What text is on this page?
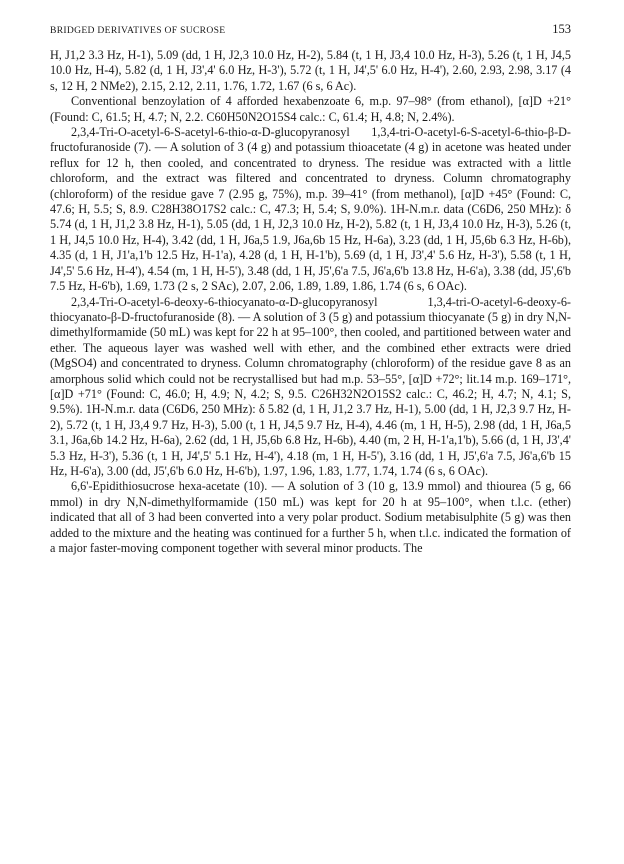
BRIDGED DERIVATIVES OF SUCROSE	153

H, J1,2 3.3 Hz, H-1), 5.09 (dd, 1 H, J2,3 10.0 Hz, H-2), 5.84 (t, 1 H, J3,4 10.0 Hz, H-3), 5.26 (t, 1 H, J4,5 10.0 Hz, H-4), 5.82 (d, 1 H, J3',4' 6.0 Hz, H-3'), 5.72 (t, 1 H, J4',5' 6.0 Hz, H-4'), 2.60, 2.93, 2.98, 3.17 (4 s, 12 H, 2 NMe2), 2.15, 2.12, 2.11, 1.76, 1.72, 1.67 (6 s, 6 Ac).

Conventional benzoylation of 4 afforded hexabenzoate 6, m.p. 97–98° (from ethanol), [α]D +21° (Found: C, 61.5; H, 4.7; N, 2.2. C60H50N2O15S4 calc.: C, 61.4; H, 4.8; N, 2.4%).

2,3,4-Tri-O-acetyl-6-S-acetyl-6-thio-α-D-glucopyranosyl 1,3,4-tri-O-acetyl-6-S-acetyl-6-thio-β-D-fructofuranoside (7). — A solution of 3 (4 g) and potassium thioacetate (4 g) in acetone was heated under reflux for 12 h, then cooled, and concentrated to dryness. The residue was extracted with a little chloroform, and the extract was filtered and concentrated to dryness. Column chromatography (chloroform) of the residue gave 7 (2.95 g, 75%), m.p. 39–41° (from methanol), [α]D +45° (Found: C, 47.6; H, 5.5; S, 8.9. C28H38O17S2 calc.: C, 47.3; H, 5.4; S, 9.0%). 1H-N.m.r. data (C6D6, 250 MHz): δ 5.74 (d, 1 H, J1,2 3.8 Hz, H-1), 5.05 (dd, 1 H, J2,3 10.0 Hz, H-2), 5.82 (t, 1 H, J3,4 10.0 Hz, H-3), 5.26 (t, 1 H, J4,5 10.0 Hz, H-4), 3.42 (dd, 1 H, J6a,5 1.9, J6a,6b 15 Hz, H-6a), 3.23 (dd, 1 H, J5,6b 6.3 Hz, H-6b), 4.35 (d, 1 H, J1'a,1'b 12.5 Hz, H-1'a), 4.28 (d, 1 H, H-1'b), 5.69 (d, 1 H, J3',4' 5.6 Hz, H-3'), 5.58 (t, 1 H, J4',5' 5.6 Hz, H-4'), 4.54 (m, 1 H, H-5'), 3.48 (dd, 1 H, J5',6'a 7.5, J6'a,6'b 13.8 Hz, H-6'a), 3.38 (dd, J5',6'b 7.5 Hz, H-6'b), 1.69, 1.73 (2 s, 2 SAc), 2.07, 2.06, 1.89, 1.89, 1.86, 1.74 (6 s, 6 OAc).

2,3,4-Tri-O-acetyl-6-deoxy-6-thiocyanato-α-D-glucopyranosyl 1,3,4-tri-O-acetyl-6-deoxy-6-thiocyanato-β-D-fructofuranoside (8). — A solution of 3 (5 g) and potassium thiocyanate (5 g) in dry N,N-dimethylformamide (50 mL) was kept for 22 h at 95–100°, then cooled, and partitioned between water and ether. The aqueous layer was washed well with ether, and the combined ether extracts were dried (MgSO4) and concentrated to dryness. Column chromatography (chloroform) of the residue gave 8 as an amorphous solid which could not be recrystallised but had m.p. 53–55°, [α]D +72°; lit.14 m.p. 169–171°, [α]D +71° (Found: C, 46.0; H, 4.9; N, 4.2; S, 9.5. C26H32N2O15S2 calc.: C, 46.2; H, 4.7; N, 4.1; S, 9.5%). 1H-N.m.r. data (C6D6, 250 MHz): δ 5.82 (d, 1 H, J1,2 3.7 Hz, H-1), 5.00 (dd, 1 H, J2,3 9.7 Hz, H-2), 5.72 (t, 1 H, J3,4 9.7 Hz, H-3), 5.00 (t, 1 H, J4,5 9.7 Hz, H-4), 4.46 (m, 1 H, H-5), 2.98 (dd, 1 H, J6a,5 3.1, J6a,6b 14.2 Hz, H-6a), 2.62 (dd, 1 H, J5,6b 6.8 Hz, H-6b), 4.40 (m, 2 H, H-1'a,1'b), 5.66 (d, 1 H, J3',4' 5.3 Hz, H-3'), 5.36 (t, 1 H, J4',5' 5.1 Hz, H-4'), 4.18 (m, 1 H, H-5'), 3.16 (dd, 1 H, J5',6'a 7.5, J6'a,6'b 15 Hz, H-6'a), 3.00 (dd, J5',6'b 6.0 Hz, H-6'b), 1.97, 1.96, 1.83, 1.77, 1.74, 1.74 (6 s, 6 OAc).

6,6'-Epidithiosucrose hexa-acetate (10). — A solution of 3 (10 g, 13.9 mmol) and thiourea (5 g, 66 mmol) in dry N,N-dimethylformamide (150 mL) was kept for 20 h at 95–100°, when t.l.c. (ether) indicated that all of 3 had been converted into a very polar product. Sodium metabisulphite (5 g) was then added to the mixture and the heating was continued for a further 5 h, when t.l.c. indicated the formation of a major faster-moving component together with several minor products. The
